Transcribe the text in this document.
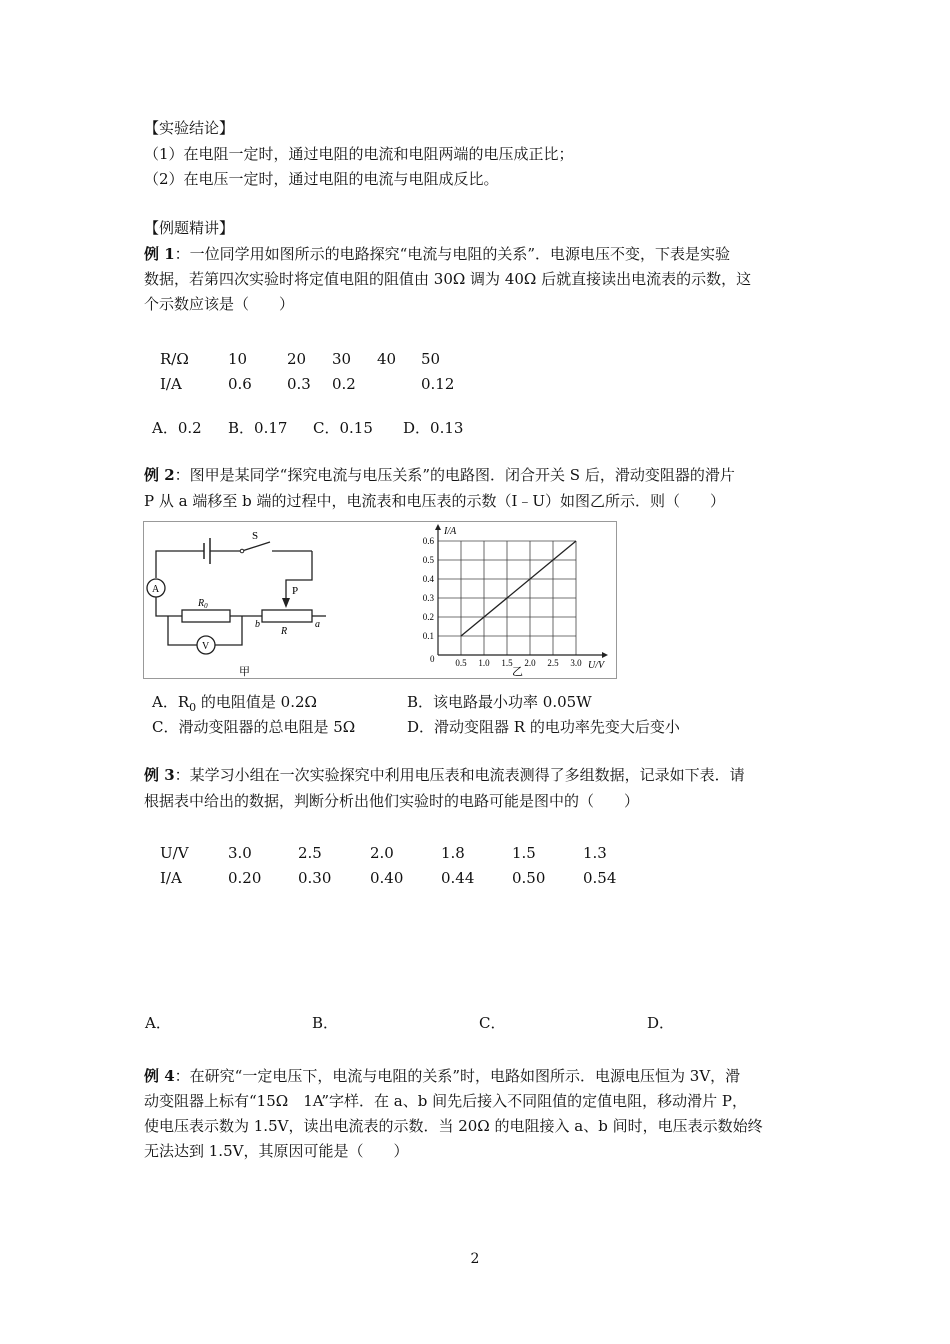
【实验结论】
（1）在电阻一定时，通过电阻的电流和电阻两端的电压成正比；
（2）在电压一定时，通过电阻的电流与电阻成反比。
【例题精讲】
例 1：一位同学用如图所示的电路探究“电流与电阻的关系”．电源电压不变，下表是实验
数据，若第四次实验时将定值电阻的阻值由 30Ω 调为 40Ω 后就直接读出电流表的示数，这
个示数应该是（　　）
R/Ω	10	20 30 40 50
I/A	0.6 0.3 0.2	0.12
A．0.2 B．0.17 C．0.15 D．0.13
例 2：图甲是某同学“探究电流与电压关系”的电路图．闭合开关 S 后，滑动变阻器的滑片
P 从 a 端移至 b 端的过程中，电流表和电压表的示数（I﹣U）如图乙所示．则（　　）
S
P
A
V
$R_0$
R
b	a
甲
0.5 1.0 1.5 2.0 2.5 3.0
0.1
0.2
0.3
0.4
0.5
0.6
I/A
U/V
0
乙
A．$R_0$ 的电阻值是 0.2Ω	B．该电路最小功率 0.05W
C．滑动变阻器的总电阻是 5Ω	D．滑动变阻器 R 的电功率先变大后变小
例 3：某学习小组在一次实验探究中利用电压表和电流表测得了多组数据，记录如下表．请
根据表中给出的数据，判断分析出他们实验时的电路可能是图中的（　　）
U/V	3.0	2.5	2.0	1.8	1.5	1.3
I/A	0.20 0.30	0.40	0.44	0.50	0.54
A．	B．	C．	D．
例 4：在研究“一定电压下，电流与电阻的关系”时，电路如图所示．电源电压恒为 3V，滑
动变阻器上标有“15Ω　1A”字样．在 a、b 间先后接入不同阻值的定值电阻，移动滑片 P，
使电压表示数为 1.5V，读出电流表的示数．当 20Ω 的电阻接入 a、b 间时，电压表示数始终
无法达到 1.5V，其原因可能是（　　）
2
